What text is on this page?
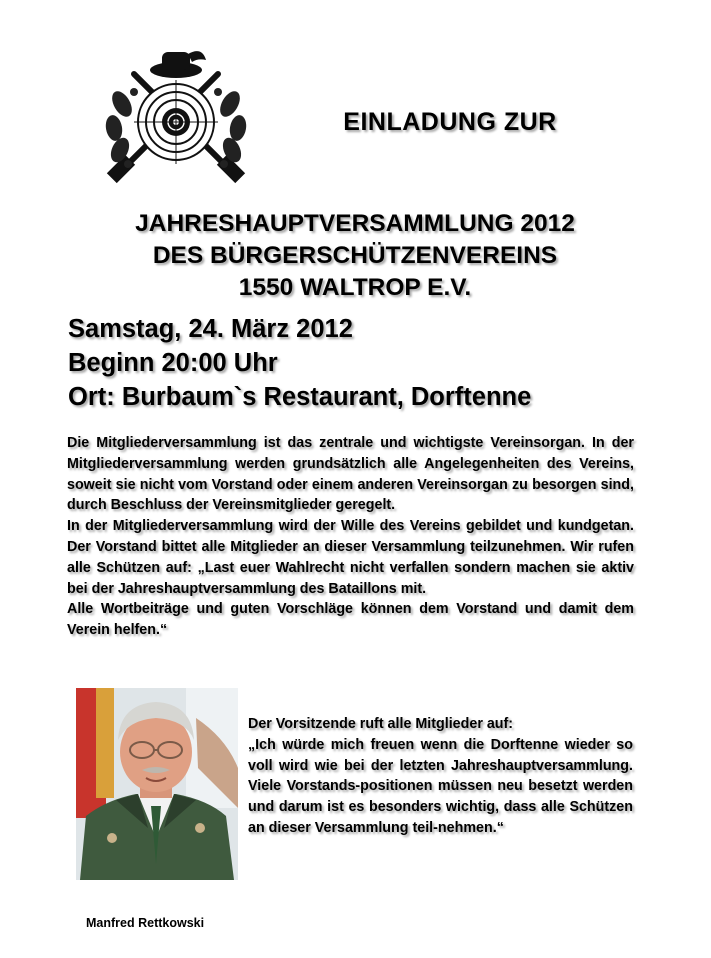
EINLADUNG ZUR
JAHRESHAUPTVERSAMMLUNG 2012
DES BÜRGERSCHÜTZENVEREINS
1550 WALTROP E.V.
Samstag, 24. März 2012
Beginn 20:00 Uhr
Ort: Burbaum`s Restaurant, Dorftenne

Die Mitgliederversammlung ist das zentrale und wichtigste Vereinsorgan. In der Mitgliederversammlung werden grundsätzlich alle Angelegenheiten des Vereins, soweit sie nicht vom Vorstand oder einem anderen Vereinsorgan zu besorgen sind, durch Beschluss der Vereinsmitglieder geregelt.

In der Mitgliederversammlung wird der Wille des Vereins gebildet und kundgetan. Der Vorstand bittet alle Mitglieder an dieser Versammlung teilzunehmen. Wir rufen alle Schützen auf: „Last euer Wahlrecht nicht verfallen sondern machen sie aktiv bei der Jahreshauptversammlung des Bataillons mit.

Alle Wortbeiträge und guten Vorschläge können dem Vorstand und damit dem Verein helfen.“

Der Vorsitzende ruft alle Mitglieder auf:

„Ich würde mich freuen wenn die Dorftenne wieder so voll wird wie bei der letzten Jahreshauptversammlung. Viele Vorstands-positionen müssen neu besetzt werden und darum ist es besonders wichtig, dass alle Schützen an dieser Versammlung teil-nehmen.“

Manfred Rettkowski
